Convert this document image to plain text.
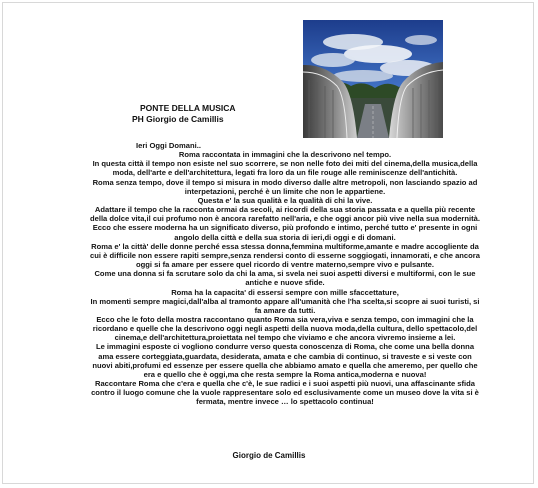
PONTE DELLA MUSICA
PH Giorgio de Camillis
Ieri Oggi Domani..
Roma raccontata in immagini che la descrivono nel tempo.
In questa città il tempo non esiste nel suo scorrere, se non nelle foto dei miti del cinema,della musica,della
moda, dell'arte e dell'architettura, legati fra loro da un file rouge alle reminiscenze dell'antichità.
Roma senza tempo, dove il tempo si misura in modo diverso dalle altre metropoli, non lasciando spazio ad
interpetazioni, perché è un limite che non le appartiene.
Questa e' la sua qualità e la qualità di chi la vive.
Adattare il tempo che la racconta ormai da secoli, ai ricordi della sua storia passata e a quella più recente
della dolce vita,il cui profumo non è ancora rarefatto nell'aria, e che oggi ancor più vive nella sua modernità.
Ecco che essere moderna ha un significato diverso, più profondo e intimo, perché tutto e' presente in ogni
angolo della città e della sua storia di ieri,di oggi e di domani.
Roma e' la città' delle donne perché essa stessa donna,femmina multiforme,amante e madre accogliente da
cui è difficile non essere rapiti sempre,senza rendersi conto di esserne soggiogati, innamorati, e che ancora
oggi si fa amare per essere quel ricordo di ventre materno,sempre vivo e pulsante.
Come una donna si fa scrutare solo da chi la ama, si svela nei suoi aspetti diversi e multiformi, con le sue
antiche e nuove sfide.
Roma ha la capacita' di essersi sempre con mille sfaccettature,
In momenti sempre magici,dall'alba al tramonto appare all'umanità che l'ha scelta,si scopre ai suoi turisti, si
fa amare da tutti.
Ecco che le foto della mostra raccontano quanto Roma sia vera,viva e senza tempo, con immagini che la
ricordano e quelle che la descrivono oggi negli aspetti della nuova moda,della cultura, dello spettacolo,del
cinema,e dell'architettura,proiettata nel tempo che viviamo e che ancora vivremo insieme a lei.
Le immagini esposte ci vogliono condurre verso questa conoscenza di Roma, che come una bella donna
ama essere corteggiata,guardata, desiderata, amata e che cambia di continuo, si traveste e si veste con
nuovi abiti,profumi ed essenze per essere quella che abbiamo amato e quella che ameremo, per quello che
era e quello che è oggi,ma che resta sempre la Roma antica,moderna e nuova!
Raccontare Roma che c'era e quella che c'è, le sue radici e i suoi aspetti più nuovi, una affascinante sfida
contro il luogo comune che la vuole rappresentare solo ed esclusivamente come un museo dove la vita si è
fermata, mentre invece … lo spettacolo continua!
Giorgio de Camillis
